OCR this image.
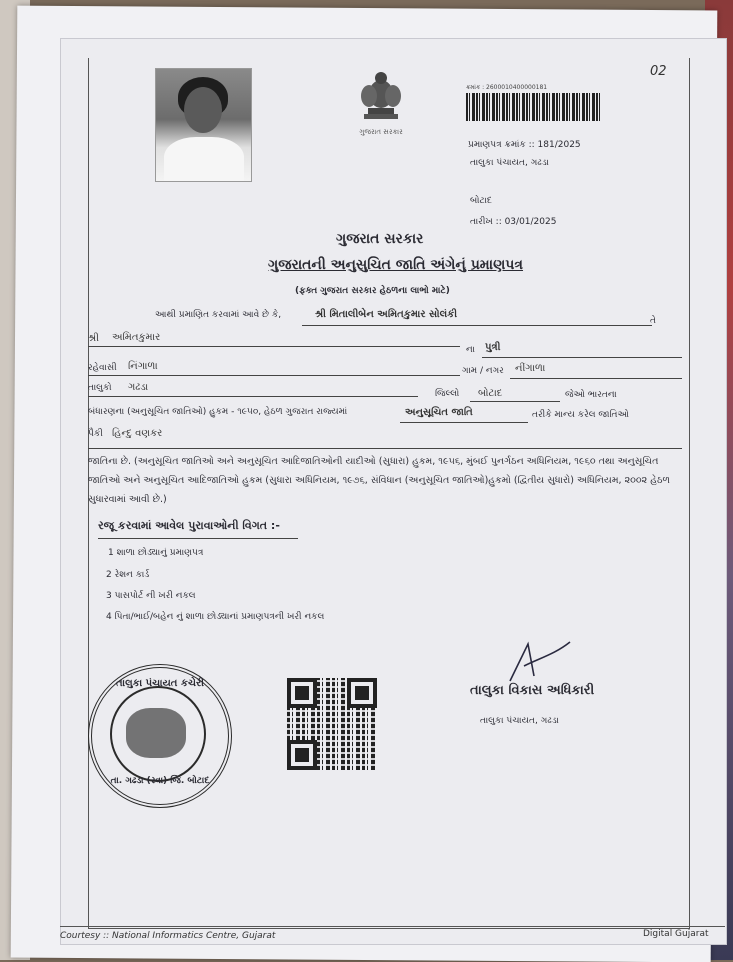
02
ગુજરાત સરકાર
ક્રમાંક : 2600010400000181
પ્રમાણપત્ર ક્રમાંક :: 181/2025
તાલુકા પંચાયત, ગઢડા
બોટાદ
તારીખ :: 03/01/2025
ગુજરાત સરકાર
ગુજરાતની અનુસુચિત જાતિ અંગેનું પ્રમાણપત્ર
(ફક્ત ગુજરાત સરકાર હેઠળના લાભો માટે)
આથી પ્રમાણિત કરવામાં આવે છે કે,	શ્રી મિતાલીબેન અમિતકુમાર સોલંકી
તે
શ્રી અમિતકુમાર
ના પુત્રી
રહેવાસી નિંગાળા	ગામ / નગર નીંગાળા
તાલુકો ગઢડા
જિલ્લો બોટાદ	જેઓ ભારતના
બંધારણના (અનુસૂચિત જાતિઓ) હુકમ - ૧૯૫૦, હેઠળ ગુજરાત રાજ્યમાં	અનુસૂચિત જાતિ	તરીકે માન્ય કરેલ જાતિઓ
પૈકી હિન્દુ વણકર
જાતિના છે. (અનુસૂચિત જાતિઓ અને અનુસૂચિત આદિજાતિઓની યાદીઓ (સુધારા) હુકમ, ૧૯૫૬, મુંબઈ પુનર્ગઠન અધિનિયમ, ૧૯૬૦ તથા અનુસૂચિત જાતિઓ અને અનુસૂચિત આદિજાતિઓ હુકમ (સુધારા અધિનિયમ, ૧૯૭૬, સંવિધાન (અનુસૂચિત જાતિઓ)હુકમો (દ્વિતીય સુધારો) અધિનિયમ, ૨૦૦૨ હેઠળ સુધારવામાં આવી છે.)
રજૂ કરવામાં આવેલ પુરાવાઓની વિગત :-
1 શાળા છોડ્યાનું પ્રમાણપત્ર
2 રેશન કાર્ડ
3 પાસપોર્ટ ની ખરી નકલ
4 પિતા/ભાઈ/બહેન નું શાળા છોડ્યાનાં પ્રમાણપત્રની ખરી નકલ
તાલુકા પંચાયત કચેરી
તા. ગઢડા (સ્વા) જિ. બોટાદ
તાલુકા વિકાસ અધિકારી
તાલુકા પંચાયત, ગઢડા
Courtesy :: National Informatics Centre, Gujarat	Digital Gujarat
